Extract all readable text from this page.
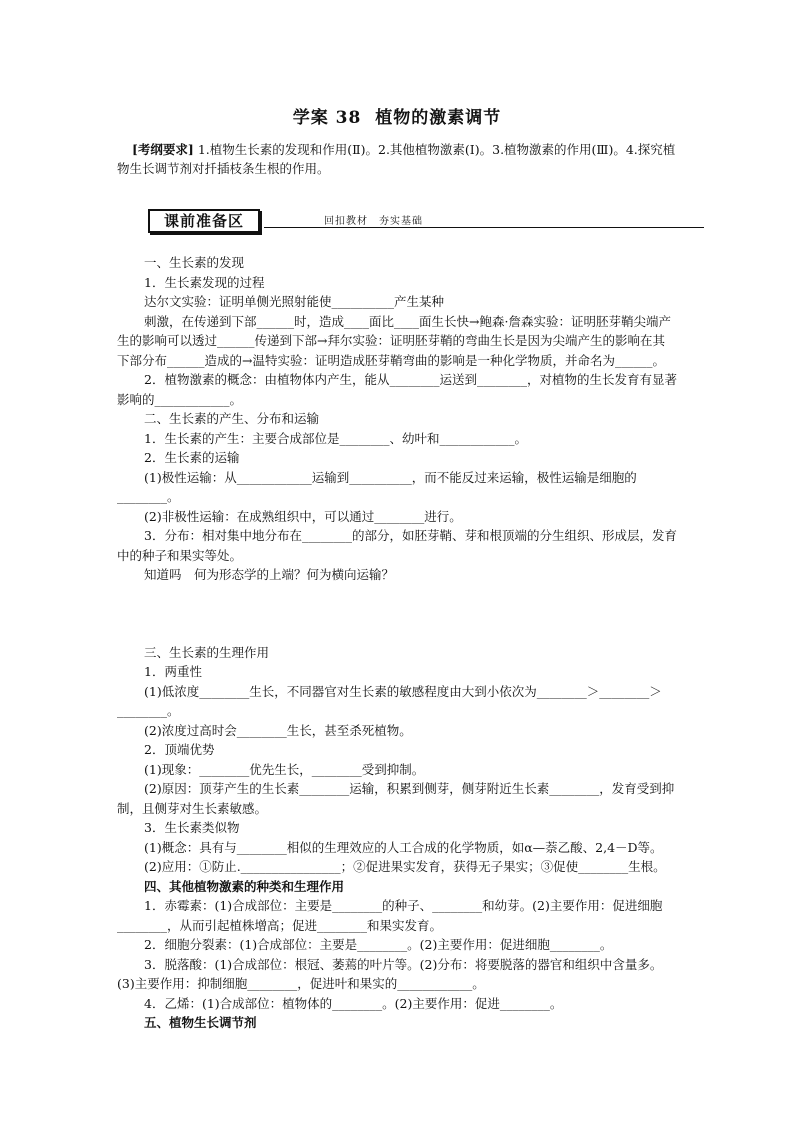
学案 38 植物的激素调节
[考纲要求] 1.植物生长素的发现和作用(Ⅱ)。2.其他植物激素(Ⅰ)。3.植物激素的作用(Ⅲ)。4.探究植物生长调节剂对扦插枝条生根的作用。
课前准备区	回扣教材　夯实基础

一、生长素的发现

1．生长素发现的过程

达尔文实验：证明单侧光照射能使__________产生某种

刺激，在传递到下部______时，造成____面比____面生长快→鲍森·詹森实验：证明胚芽鞘尖端产生的影响可以透过______传递到下部→拜尔实验：证明胚芽鞘的弯曲生长是因为尖端产生的影响在其下部分布______造成的→温特实验：证明造成胚芽鞘弯曲的影响是一种化学物质，并命名为______。

2．植物激素的概念：由植物体内产生，能从________运送到________，对植物的生长发育有显著影响的____________。

二、生长素的产生、分布和运输

1．生长素的产生：主要合成部位是________、幼叶和____________。

2．生长素的运输

(1)极性运输：从____________运输到__________，而不能反过来运输，极性运输是细胞的________。

(2)非极性运输：在成熟组织中，可以通过________进行。

3．分布：相对集中地分布在________的部分，如胚芽鞘、芽和根顶端的分生组织、形成层，发育中的种子和果实等处。

知道吗　何为形态学的上端？何为横向运输？

三、生长素的生理作用

1．两重性

(1)低浓度________生长，不同器官对生长素的敏感程度由大到小依次为________＞________＞________。

(2)浓度过高时会________生长，甚至杀死植物。

2．顶端优势

(1)现象：________优先生长，________受到抑制。

(2)原因：顶芽产生的生长素________运输，积累到侧芽，侧芽附近生长素________，发育受到抑制，且侧芽对生长素敏感。

3．生长素类似物

(1)概念：具有与________相似的生理效应的人工合成的化学物质，如α—萘乙酸、2,4－D等。

(2)应用：①防止.________________；②促进果实发育，获得无子果实；③促使________生根。

四、其他植物激素的种类和生理作用

1．赤霉素：(1)合成部位：主要是________的种子、________和幼芽。(2)主要作用：促进细胞________，从而引起植株增高；促进________和果实发育。

2．细胞分裂素：(1)合成部位：主要是________。(2)主要作用：促进细胞________。

3．脱落酸：(1)合成部位：根冠、萎蔫的叶片等。(2)分布：将要脱落的器官和组织中含量多。(3)主要作用：抑制细胞________，促进叶和果实的____________。

4．乙烯：(1)合成部位：植物体的________。(2)主要作用：促进________。

五、植物生长调节剂
